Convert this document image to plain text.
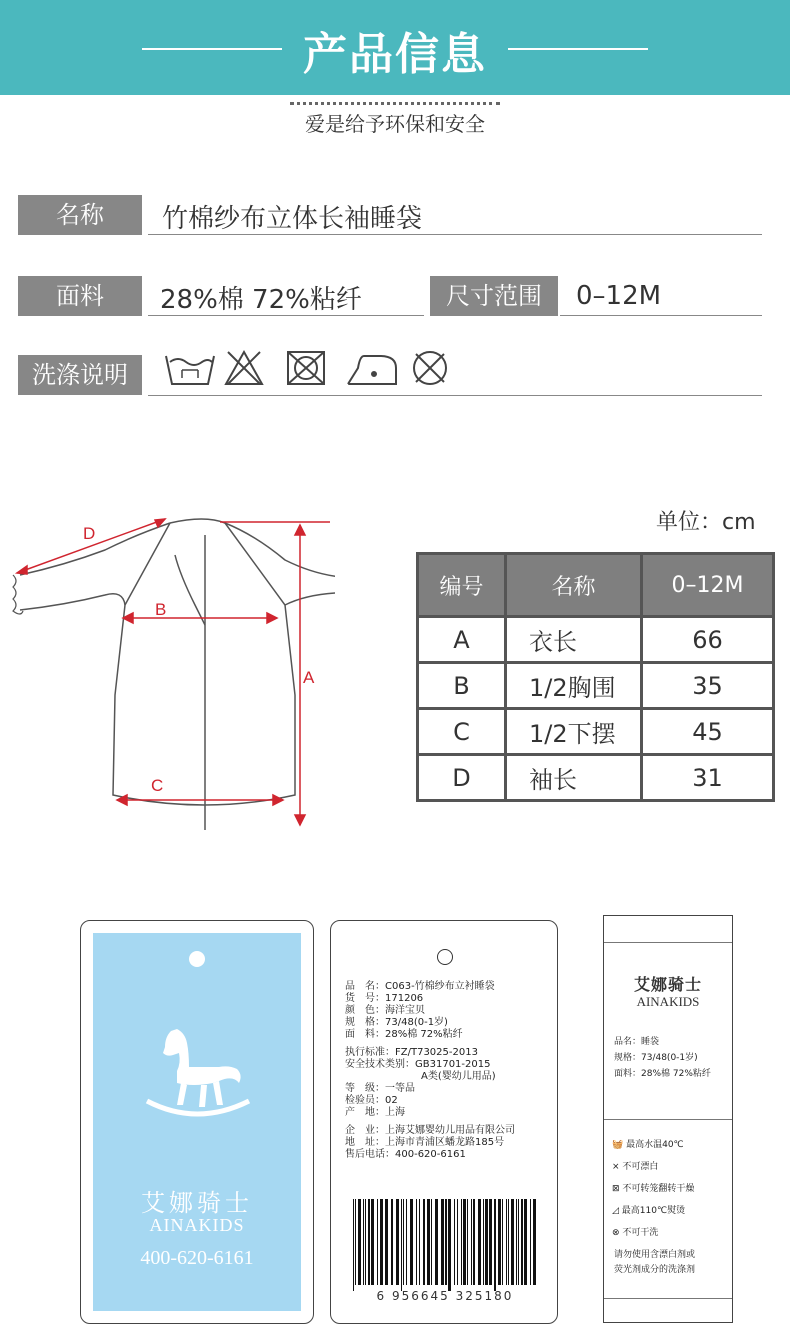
产品信息
爱是给予环保和安全
名称	竹棉纱布立体长袖睡袋
面料	28%棉 72%粘纤	尺寸范围	0–12M
洗涤说明
D
B
A
C
单位：cm
编号	名称	0–12M
A	衣长	66
B	1/2胸围	35
C	1/2下摆	45
D	袖长	31
艾娜骑士
AINAKIDS
400-620-6161
品　名：C063-竹棉纱布立衬睡袋
货　号：171206
颜　色：海洋宝贝
规　格：73/48(0-1岁)
面　料：28%棉 72%粘纤
执行标准：FZ/T73025-2013
安全技术类别：GB31701-2015
A类(婴幼儿用品)
等　级：一等品
检验员：02
产　地：上海
企　业：上海艾娜婴幼儿用品有限公司
地　址：上海市青浦区蟠龙路185号
售后电话：400-620-6161
6 956645 325180
艾娜骑士
AINAKIDS
品名：睡袋
规格：73/48(0-1岁)
面料：28%棉 72%粘纤
🧺 最高水温40℃
⨯ 不可漂白
⊠ 不可转笼翻转干燥
◿ 最高110℃熨烫
⊗ 不可干洗
请勿使用含漂白剂或
荧光剂成分的洗涤剂
